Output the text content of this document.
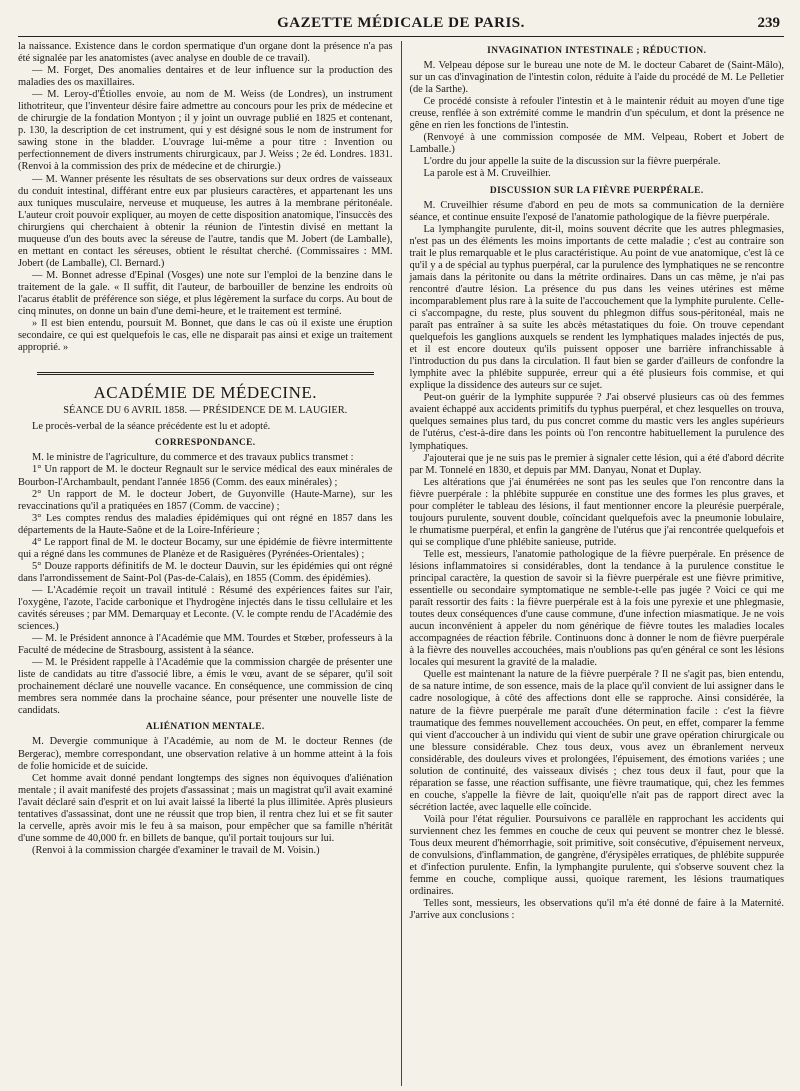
GAZETTE MÉDICALE DE PARIS.	239

la naissance. Existence dans le cordon spermatique d'un organe dont la présence n'a pas été signalée par les anatomistes (avec analyse en double de ce travail).

— M. Forget, Des anomalies dentaires et de leur influence sur la production des maladies des os maxillaires.

— M. Leroy-d'Étiolles envoie, au nom de M. Weiss (de Londres), un instrument lithotriteur, que l'inventeur désire faire admettre au concours pour les prix de médecine et de chirurgie de la fondation Montyon ; il y joint un ouvrage publié en 1825 et contenant, p. 130, la description de cet instrument, qui y est désigné sous le nom de instrument for sawing stone in the bladder. L'ouvrage lui-même a pour titre : Invention ou perfectionnement de divers instruments chirurgicaux, par J. Weiss ; 2e éd. Londres. 1831. (Renvoi à la commission des prix de médecine et de chirurgie.)

— M. Wanner présente les résultats de ses observations sur deux ordres de vaisseaux du conduit intestinal, différant entre eux par plusieurs caractères, et appartenant les uns aux tuniques musculaire, nerveuse et muqueuse, les autres à la membrane péritonéale. L'auteur croit pouvoir expliquer, au moyen de cette disposition anatomique, l'insuccès des chirurgiens qui cherchaient à obtenir la réunion de l'intestin divisé en mettant la muqueuse d'un des bouts avec la séreuse de l'autre, tandis que M. Jobert (de Lamballe), en mettant en contact les séreuses, obtient le résultat cherché. (Commissaires : MM. Jobert (de Lamballe), Cl. Bernard.)

— M. Bonnet adresse d'Epinal (Vosges) une note sur l'emploi de la benzine dans le traitement de la gale. « Il suffit, dit l'auteur, de barbouiller de benzine les endroits où l'acarus établit de préférence son siége, et plus légèrement la surface du corps. Au bout de cinq minutes, on donne un bain d'une demi-heure, et le traitement est terminé.

» Il est bien entendu, poursuit M. Bonnet, que dans le cas où il existe une éruption secondaire, ce qui est quelquefois le cas, elle ne disparait pas ainsi et exige un traitement approprié. »

ACADÉMIE DE MÉDECINE.
SÉANCE DU 6 AVRIL 1858. — PRÉSIDENCE DE M. LAUGIER.

Le procès-verbal de la séance précédente est lu et adopté.

CORRESPONDANCE.

M. le ministre de l'agriculture, du commerce et des travaux publics transmet :

1° Un rapport de M. le docteur Regnault sur le service médical des eaux minérales de Bourbon-l'Archambault, pendant l'année 1856 (Comm. des eaux minérales) ;

2° Un rapport de M. le docteur Jobert, de Guyonville (Haute-Marne), sur les revaccinations qu'il a pratiquées en 1857 (Comm. de vaccine) ;

3° Les comptes rendus des maladies épidémiques qui ont régné en 1857 dans les départements de la Haute-Saône et de la Loire-Inférieure ;

4° Le rapport final de M. le docteur Bocamy, sur une épidémie de fièvre intermittente qui a régné dans les communes de Planèze et de Rasiguères (Pyrénées-Orientales) ;

5° Douze rapports définitifs de M. le docteur Dauvin, sur les épidémies qui ont régné dans l'arrondissement de Saint-Pol (Pas-de-Calais), en 1855 (Comm. des épidémies).

— L'Académie reçoit un travail intitulé : Résumé des expériences faites sur l'air, l'oxygène, l'azote, l'acide carbonique et l'hydrogène injectés dans le tissu cellulaire et les cavités séreuses ; par MM. Demarquay et Leconte. (V. le compte rendu de l'Académie des sciences.)

— M. le Président annonce à l'Académie que MM. Tourdes et Stœber, professeurs à la Faculté de médecine de Strasbourg, assistent à la séance.

— M. le Président rappelle à l'Académie que la commission chargée de présenter une liste de candidats au titre d'associé libre, a émis le vœu, avant de se séparer, qu'il soit prochainement déclaré une nouvelle vacance. En conséquence, une commission de cinq membres sera nommée dans la prochaine séance, pour présenter une nouvelle liste de candidats.

ALIÉNATION MENTALE.

M. Devergie communique à l'Académie, au nom de M. le docteur Rennes (de Bergerac), membre correspondant, une observation relative à un homme atteint à la fois de folie homicide et de suicide.

Cet homme avait donné pendant longtemps des signes non équivoques d'aliénation mentale ; il avait manifesté des projets d'assassinat ; mais un magistrat qu'il avait examiné l'avait déclaré sain d'esprit et on lui avait laissé la liberté la plus illimitée. Après plusieurs tentatives d'assassinat, dont une ne réussit que trop bien, il rentra chez lui et se fit sauter la cervelle, après avoir mis le feu à sa maison, pour empêcher que sa famille n'héritât d'une somme de 40,000 fr. en billets de banque, qu'il portait toujours sur lui.

(Renvoi à la commission chargée d'examiner le travail de M. Voisin.)

INVAGINATION INTESTINALE ; RÉDUCTION.

M. Velpeau dépose sur le bureau une note de M. le docteur Cabaret de (Saint-Mâlo), sur un cas d'invagination de l'intestin colon, réduite à l'aide du procédé de M. Le Pelletier (de la Sarthe).

Ce procédé consiste à refouler l'intestin et à le maintenir réduit au moyen d'une tige creuse, renflée à son extrémité comme le mandrin d'un spéculum, et dont la présence ne gêne en rien les fonctions de l'intestin.

(Renvoyé à une commission composée de MM. Velpeau, Robert et Jobert de Lamballe.)

L'ordre du jour appelle la suite de la discussion sur la fièvre puerpérale.

La parole est à M. Cruveilhier.

DISCUSSION SUR LA FIÈVRE PUERPÉRALE.

M. Cruveilhier résume d'abord en peu de mots sa communication de la dernière séance, et continue ensuite l'exposé de l'anatomie pathologique de la fièvre puerpérale.

La lymphangite purulente, dit-il, moins souvent décrite que les autres phlegmasies, n'est pas un des éléments les moins importants de cette maladie ; c'est au contraire son trait le plus remarquable et le plus caractéristique. Au point de vue anatomique, c'est là ce qu'il y a de spécial au typhus puerpéral, car la purulence des lymphatiques ne se rencontre jamais dans la péritonite ou dans la métrite ordinaires. Dans un cas même, je n'ai pas rencontré d'autre lésion. La présence du pus dans les veines utérines est même incomparablement plus rare à la suite de l'accouchement que la lymphite purulente. Celle-ci s'accompagne, du reste, plus souvent du phlegmon diffus sous-péritonéal, mais ne paraît pas entraîner à sa suite les abcès métastatiques du foie. On trouve cependant quelquefois les ganglions auxquels se rendent les lymphatiques malades injectés de pus, et il est encore douteux qu'ils puissent opposer une barrière infranchissable à l'introduction du pus dans la circulation. Il faut bien se garder d'ailleurs de confondre la lymphite avec la phlébite suppurée, erreur qui a été plusieurs fois commise, et qui explique la dissidence des auteurs sur ce sujet.

Peut-on guérir de la lymphite suppurée ? J'ai observé plusieurs cas où des femmes avaient échappé aux accidents primitifs du typhus puerpéral, et chez lesquelles on trouva, quelques semaines plus tard, du pus concret comme du mastic vers les angles supérieurs de l'utérus, c'est-à-dire dans les points où l'on rencontre habituellement la purulence des lymphatiques.

J'ajouterai que je ne suis pas le premier à signaler cette lésion, qui a été d'abord décrite par M. Tonnelé en 1830, et depuis par MM. Danyau, Nonat et Duplay.

Les altérations que j'ai énumérées ne sont pas les seules que l'on rencontre dans la fièvre puerpérale : la phlébite suppurée en constitue une des formes les plus graves, et pour compléter le tableau des lésions, il faut mentionner encore la pleurésie puerpérale, toujours purulente, souvent double, coïncidant quelquefois avec la pneumonie lobulaire, le rhumatisme puerpéral, et enfin la gangrène de l'utérus que j'ai rencontrée quelquefois et qui se complique d'une phlébite sanieuse, putride.

Telle est, messieurs, l'anatomie pathologique de la fièvre puerpérale. En présence de lésions inflammatoires si considérables, dont la tendance à la purulence constitue le principal caractère, la question de savoir si la fièvre puerpérale est une fièvre primitive, essentielle ou secondaire symptomatique ne semble-t-elle pas jugée ? Voici ce qui me paraît ressortir des faits : la fièvre puerpérale est à la fois une pyrexie et une phlegmasie, toutes deux conséquences d'une cause commune, d'une infection miasmatique. Je ne vois aucun inconvénient à appeler du nom générique de fièvre toutes les maladies locales accompagnées de réaction fébrile. Continuons donc à donner le nom de fièvre puerpérale à la fièvre des nouvelles accouchées, mais n'oublions pas qu'en général ce sont les lésions locales qui mesurent la gravité de la maladie.

Quelle est maintenant la nature de la fièvre puerpérale ? Il ne s'agit pas, bien entendu, de sa nature intime, de son essence, mais de la place qu'il convient de lui assigner dans le cadre nosologique, à côté des affections dont elle se rapproche. Ainsi considérée, la nature de la fièvre puerpérale me paraît d'une détermination facile : c'est la fièvre traumatique des femmes nouvellement accouchées. On peut, en effet, comparer la femme qui vient d'accoucher à un individu qui vient de subir une grave opération chirurgicale ou une blessure considérable. Chez tous deux, vous avez un ébranlement nerveux considérable, des douleurs vives et prolongées, l'épuisement, des émotions variées ; une solution de continuité, des vaisseaux divisés ; chez tous deux il faut, pour que la réparation se fasse, une réaction suffisante, une fièvre traumatique, qui, chez les femmes en couche, s'appelle la fièvre de lait, quoiqu'elle n'ait pas de rapport direct avec la sécrétion lactée, avec laquelle elle coïncide.

Voilà pour l'état régulier. Poursuivons ce parallèle en rapprochant les accidents qui surviennent chez les femmes en couche de ceux qui peuvent se montrer chez le blessé. Tous deux meurent d'hémorrhagie, soit primitive, soit consécutive, d'épuisement nerveux, de convulsions, d'inflammation, de gangrène, d'érysipèles erratiques, de phlébite suppurée et d'infection purulente. Enfin, la lymphangite purulente, qui s'observe souvent chez la femme en couche, complique aussi, quoique rarement, les lésions traumatiques ordinaires.

Telles sont, messieurs, les observations qu'il m'a été donné de faire à la Maternité. J'arrive aux conclusions :
